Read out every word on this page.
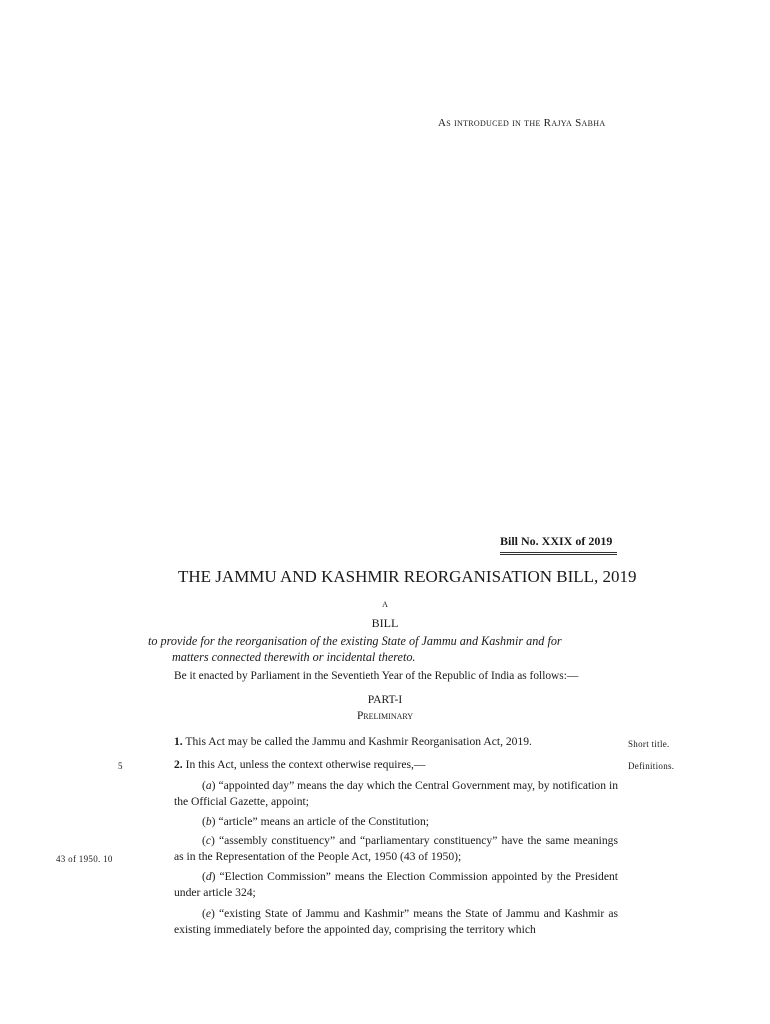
As introduced in the Rajya Sabha
Bill No. XXIX of 2019
THE JAMMU AND KASHMIR REORGANISATION BILL, 2019
A
BILL
to provide for the reorganisation of the existing State of Jammu and Kashmir and for
matters connected therewith or incidental thereto.
Be it enacted by Parliament in the Seventieth Year of the Republic of India as follows:—
PART-I
Preliminary
1. This Act may be called the Jammu and Kashmir Reorganisation Act, 2019.
2. In this Act, unless the context otherwise requires,—
(a) “appointed day” means the day which the Central Government may, by notification in the Official Gazette, appoint;
(b) “article” means an article of the Constitution;
(c) “assembly constituency” and “parliamentary constituency” have the same meanings as in the Representation of the People Act, 1950 (43 of 1950);
(d) “Election Commission” means the Election Commission appointed by the President under article 324;
(e) “existing State of Jammu and Kashmir” means the State of Jammu and Kashmir as existing immediately before the appointed day, comprising the territory which
Short title.
Definitions.
5
43 of 1950. 10
